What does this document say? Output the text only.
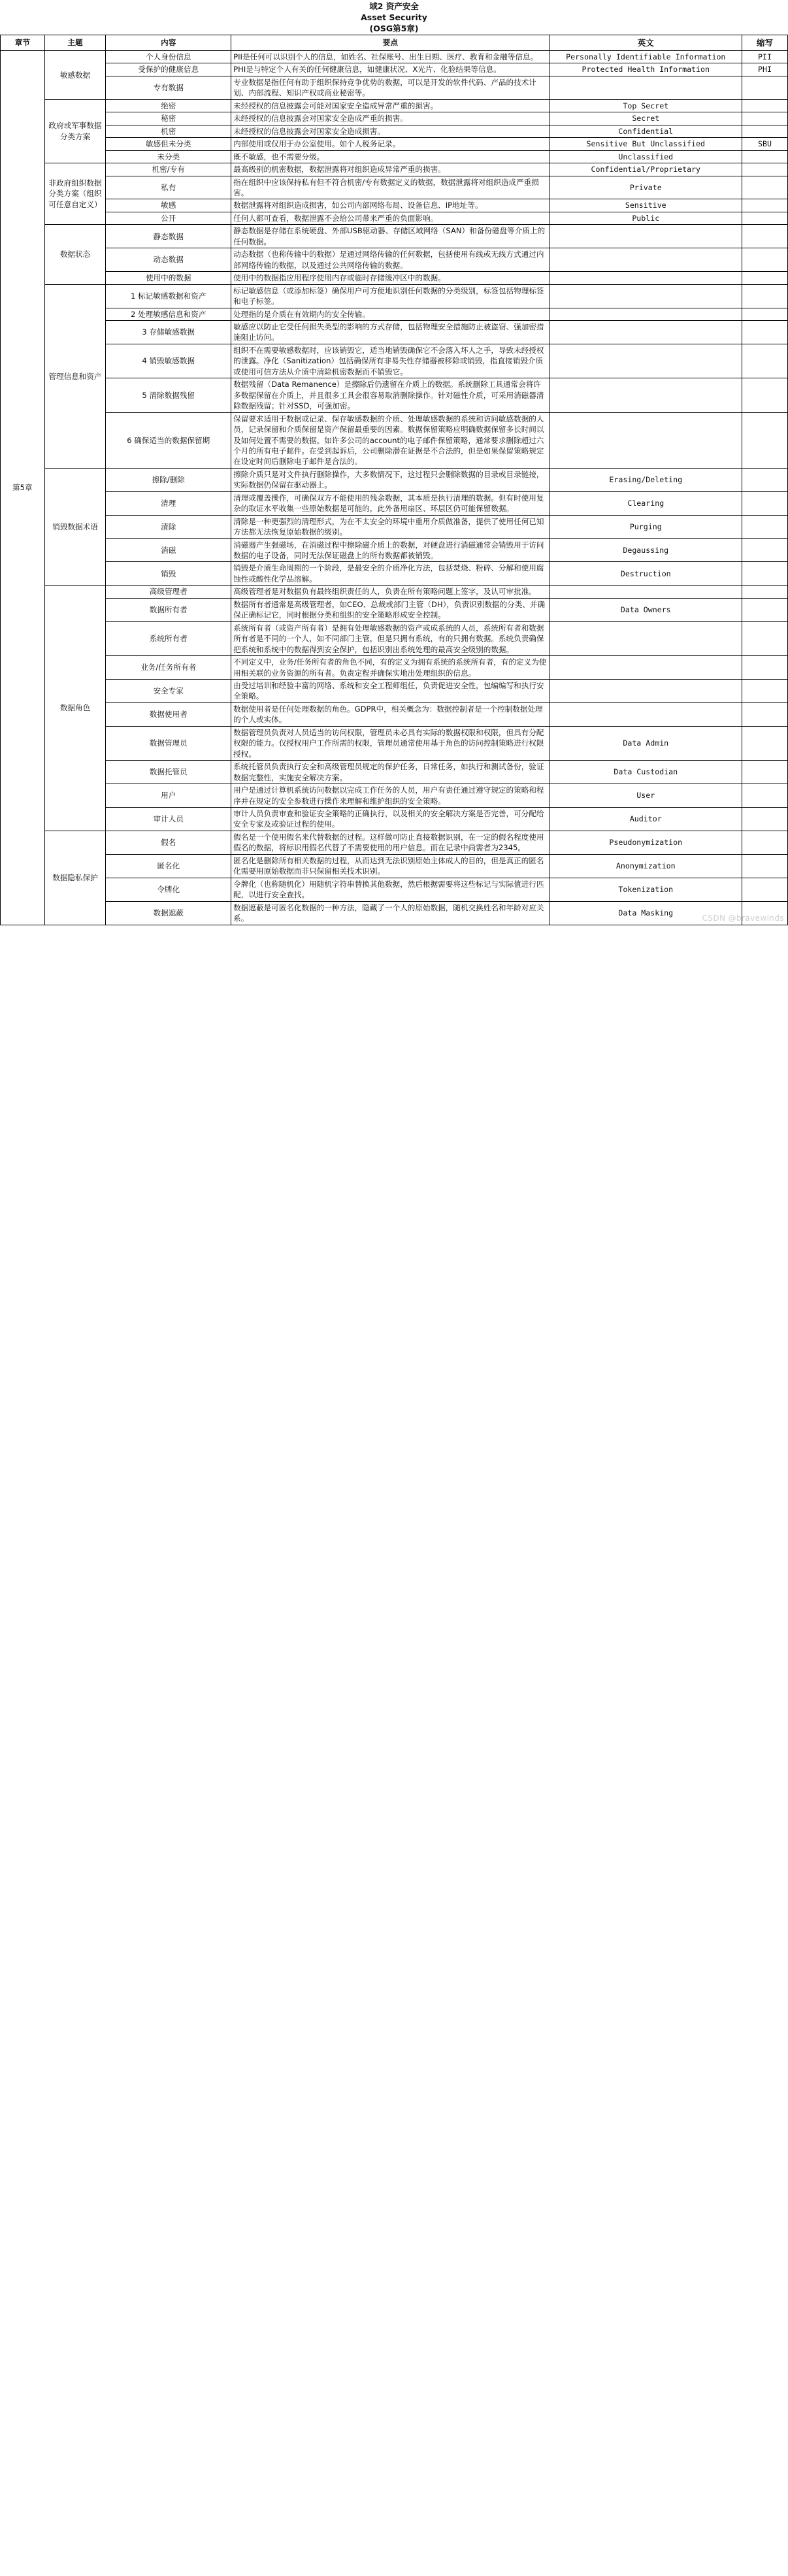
域2 资产安全
Asset Security
(OSG第5章)
章节	主题	内容	要点	英文	缩写
第5章	敏感数据	个人身份信息	PII是任何可以识别个人的信息，如姓名、社保账号、出生日期、医疗、教育和金融等信息。	Personally Identifiable Information	PII
		受保护的健康信息	PHI是与特定个人有关的任何健康信息，如健康状况、X光片、化验结果等信息。	Protected Health Information	PHI
		专有数据	专业数据是指任何有助于组织保持竞争优势的数据，可以是开发的软件代码、产品的技术计划、内部流程、知识产权或商业秘密等。		
	政府或军事数据分类方案	绝密	未经授权的信息披露会可能对国家安全造成异常严重的损害。	Top Secret	
		秘密	未经授权的信息披露会对国家安全造成严重的损害。	Secret	
		机密	未经授权的信息披露会对国家安全造成损害。	Confidential	
		敏感但未分类	内部使用或仅用于办公室使用。如个人税务记录。	Sensitive But Unclassified	SBU
		未分类	既不敏感，也不需要分级。	Unclassified	
	非政府组织数据分类方案（组织可任意自定义）	机密/专有	最高级别的机密数据，数据泄露将对组织造成异常严重的损害。	Confidential/Proprietary	
		私有	指在组织中应该保持私有但不符合机密/专有数据定义的数据，数据泄露将对组织造成严重损害。	Private	
		敏感	数据泄露将对组织造成损害，如公司内部网络布局、设备信息、IP地址等。	Sensitive	
		公开	任何人都可查看，数据泄露不会给公司带来严重的负面影响。	Public	
	数据状态	静态数据	静态数据是存储在系统硬盘、外部USB驱动器、存储区域网络（SAN）和备份磁盘等介质上的任何数据。		
		动态数据	动态数据（也称传输中的数据）是通过网络传输的任何数据，包括使用有线或无线方式通过内部网络传输的数据，以及通过公共网络传输的数据。		
		使用中的数据	使用中的数据指应用程序使用内存或临时存储缓冲区中的数据。		
	管理信息和资产	1 标记敏感数据和资产	标记敏感信息（或添加标签）确保用户可方便地识别任何数据的分类级别，标签包括物理标签和电子标签。		
		2 处理敏感信息和资产	处理指的是介质在有效期内的安全传输。		
		3 存储敏感数据	敏感应以防止它受任何损失类型的影响的方式存储，包括物理安全措施防止被盗窃、强加密措施阻止访问。		
		4 销毁敏感数据	组织不在需要敏感数据时，应该销毁它，适当地销毁确保它不会落入坏人之手，导致未经授权的泄露。净化（Sanitization）包括确保所有非易失性存储器被移除或销毁，指直接销毁介质或使用可信方法从介质中清除机密数据而不销毁它。		
		5 清除数据残留	数据残留（Data Remanence）是擦除后仍遗留在介质上的数据。系统删除工具通常会将许多数据保留在介质上，并且很多工具会很容易取消删除操作。针对磁性介质，可采用消磁器清除数据残留；针对SSD，可强加密。		
		6 确保适当的数据保留期	保留要求适用于数据或记录、保存敏感数据的介质、处理敏感数据的系统和访问敏感数据的人员，记录保留和介质保留是资产保留最重要的因素。数据保留策略应明确数据保留多长时间以及如何处置不需要的数据。如许多公司的account的电子邮件保留策略，通常要求删除超过六个月的所有电子邮件。在受到起诉后，公司删除潜在证据是不合法的，但是如果保留策略规定在设定时间后删除电子邮件是合法的。		
	销毁数据术语	擦除/删除	擦除介质只是对文件执行删除操作，大多数情况下，这过程只会删除数据的目录或目录链接，实际数据仍保留在驱动器上。	Erasing/Deleting	
		清理	清理或覆盖操作，可确保双方不能使用的残余数据，其本质是执行清理的数据。但有时使用复杂的取证水平收集一些原始数据是可能的，此外备用扇区、环层区仍可能保留数据。	Clearing	
		清除	清除是一种更强烈的清理形式，为在不太安全的环境中重用介质做准备，提供了使用任何已知方法都无法恢复原始数据的级别。	Purging	
		消磁	消磁器产生强磁场，在消磁过程中擦除磁介质上的数据，对硬盘进行消磁通常会销毁用于访问数据的电子设备，同时无法保证磁盘上的所有数据都被销毁。	Degaussing	
		销毁	销毁是介质生命周期的一个阶段，是最安全的介质净化方法，包括焚烧、粉碎、分解和使用腐蚀性或酸性化学品溶解。	Destruction	
	数据角色	高级管理者	高级管理者是对数据负有最终组织责任的人，负责在所有策略问题上签字，及认可审批准。		
		数据所有者	数据所有者通常是高级管理者，如CEO、总裁或部门主管（DH），负责识别数据的分类、并确保正确标记它，同时根据分类和组织的安全策略形成安全控制。	Data Owners	
		系统所有者	系统所有者（或资产所有者）是拥有处理敏感数据的资产或成系统的人员，系统所有者和数据所有者是不同的一个人，如不同部门主管，但是只拥有系统，有的只拥有数据。系统负责确保把系统和系统中的数据得到安全保护，包括识别出系统处理的最高安全级别的数据。		
		业务/任务所有者	不同定义中，业务/任务所有者的角色不同，有的定义为拥有系统的系统所有者，有的定义为使用相关联的业务资源的所有者。负责定程并确保实地出处理组织的信息。		
		安全专家	由受过培训和经验丰富的网络、系统和安全工程师组任，负责促进安全性，包编编写和执行安全策略。		
		数据使用者	数据使用者是任何处理数据的角色。GDPR中，相关概念为：数据控制者是一个控制数据处理的个人或实体。		
		数据管理员	数据管理员负责对人员适当的访问权限，管理员未必具有实际的数据权限和权限，但具有分配权限的能力。仅授权用户工作所需的权限，管理员通常使用基于角色的访问控制策略进行权限授权。	Data Admin	
		数据托管员	系统托管员负责执行安全和高级管理员规定的保护任务，日常任务，如执行和测试备份，验证数据完整性，实施安全解决方案。	Data Custodian	
		用户	用户是通过计算机系统访问数据以完成工作任务的人员，用户有责任通过遵守规定的策略和程序并在规定的安全参数进行操作来理解和维护组织的安全策略。	User	
		审计人员	审计人员负责审查和验证安全策略的正确执行，以及相关的安全解决方案是否完善，可分配给安全专家及或验证过程的使用。	Auditor	
	数据隐私保护	假名	假名是一个使用假名来代替数据的过程。这样做可防止直接数据识别，在一定的假名程度使用假名的数据，将标识用假名代替了不需要使用的用户信息。而在记录中尚需者为2345。	Pseudonymization	
		匿名化	匿名化是删除所有相关数据的过程，从而达到无法识别原始主体成人的目的，但是真正的匿名化需要用原始数据而非只保留相关技术识别。	Anonymization	
		令牌化	令牌化（也称随机化）用随机字符串替换其他数据，然后根据需要将这些标记与实际值进行匹配，以进行安全查找。	Tokenization	
		数据遮蔽	数据遮蔽是可匿名化数据的一种方法，隐藏了一个人的原始数据，随机交换姓名和年龄对应关系。	Data Masking	
CSDN @bravewinds
